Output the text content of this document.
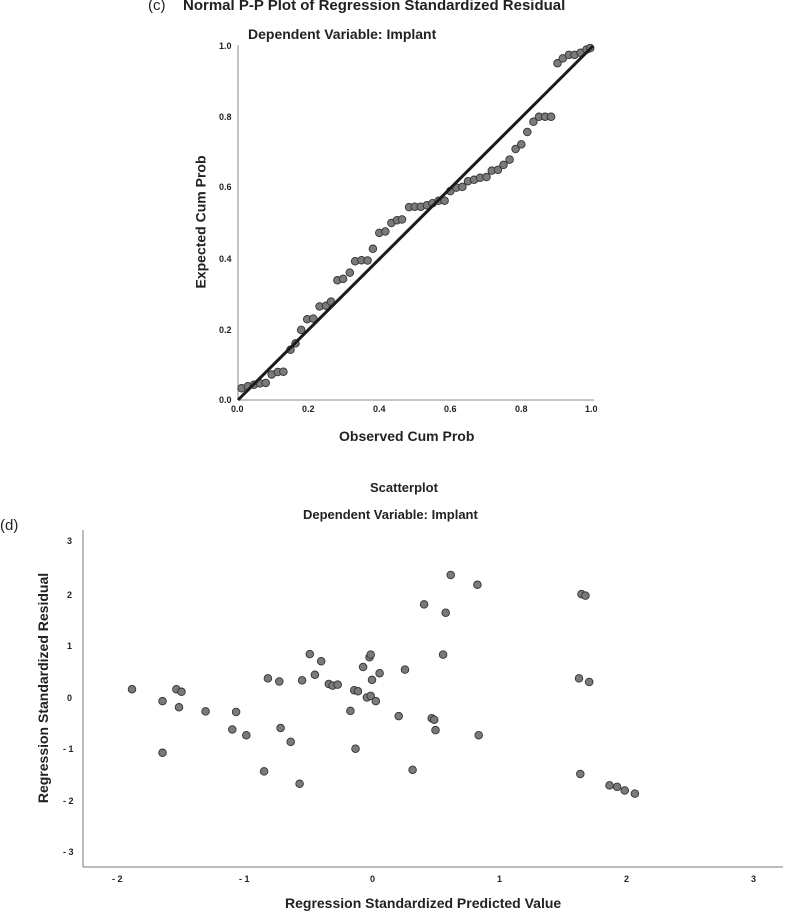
(c) Normal P-P Plot of Regression Standardized Residual
Dependent Variable: Implant
1.0
0.8
0.6
0.4
0.2
0.0
0.0	0.2	0.4	0.6	0.8	1.0
Observed Cum Prob
Expected Cum Prob
(d)
Scatterplot
Dependent Variable: Implant
3
2
1
0
- 1
- 2
- 3
- 2	- 1	0	1	2	3
Regression Standardized Predicted Value
Regression Standardized Residual
